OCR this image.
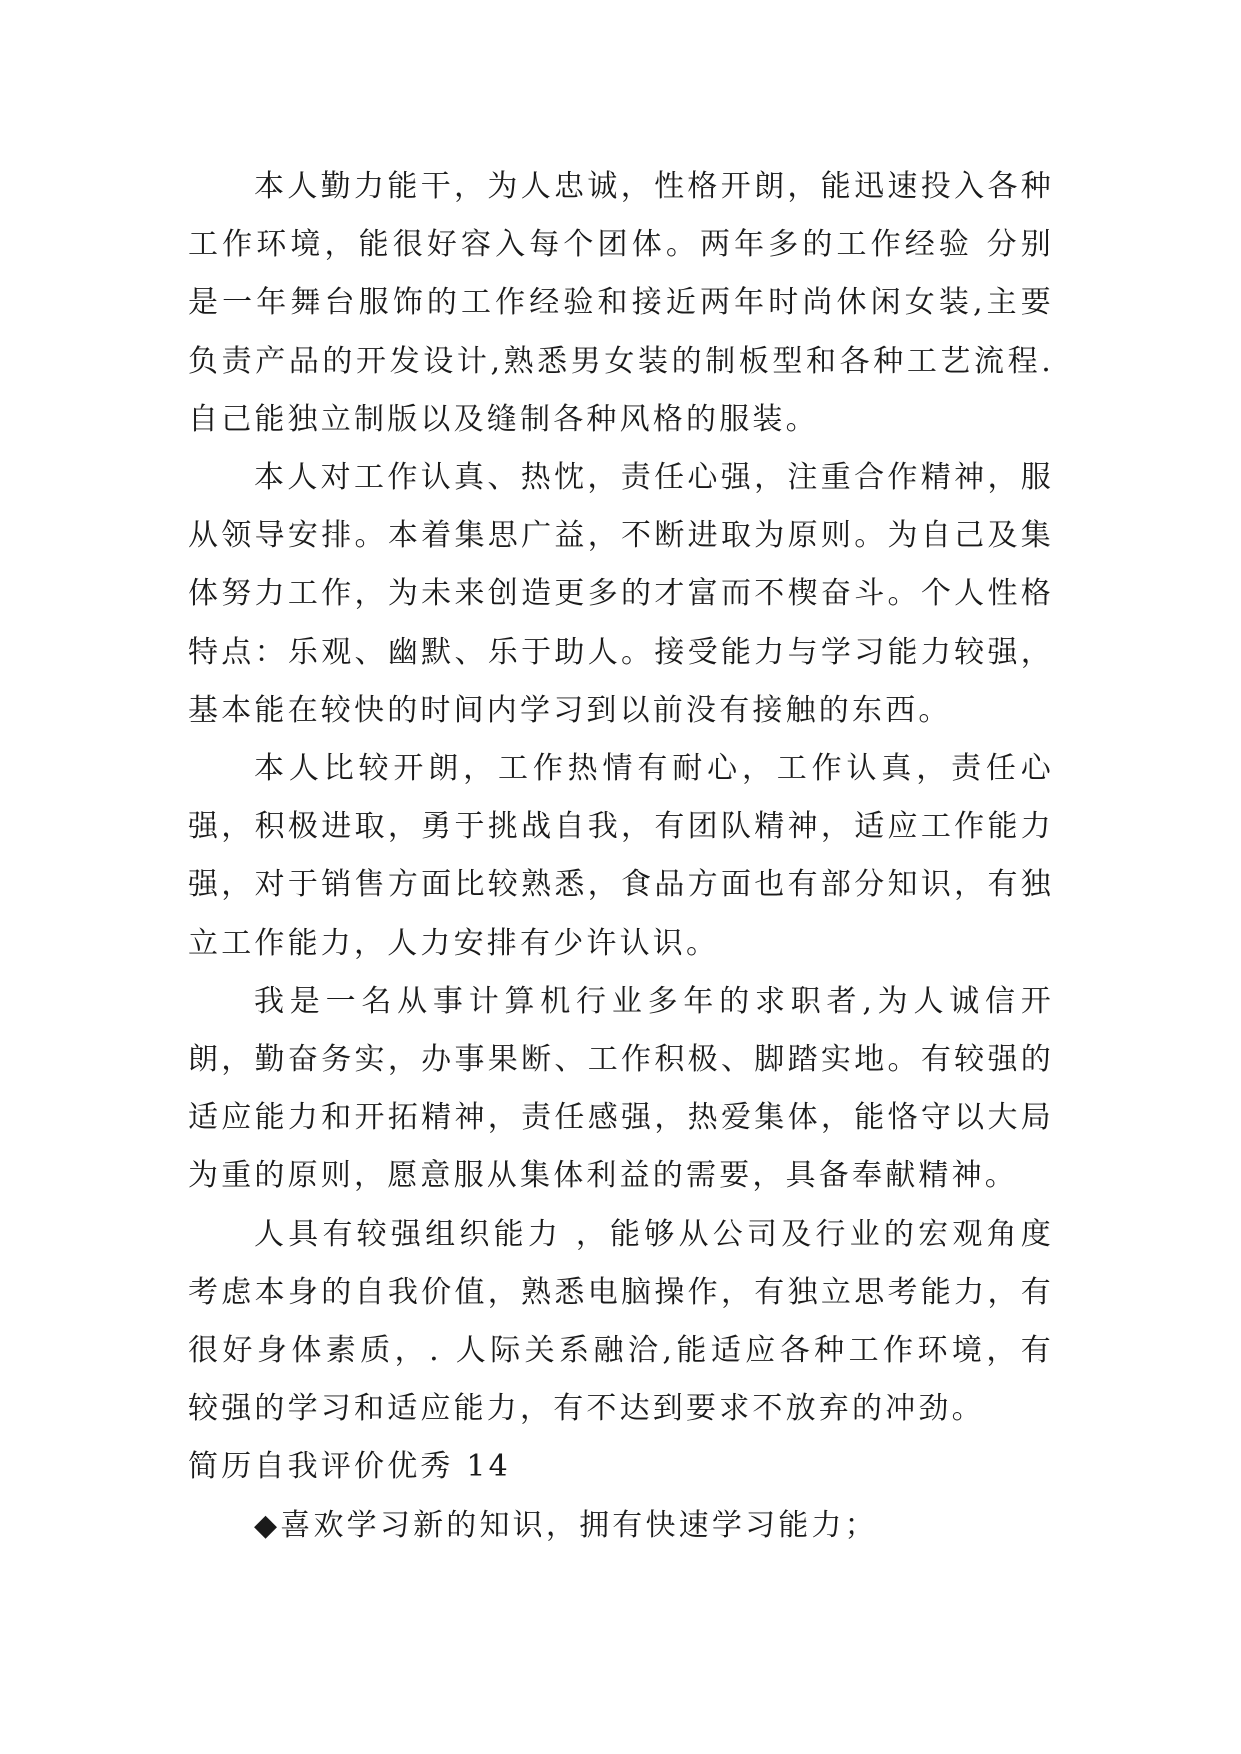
本人勤力能干，为人忠诚，性格开朗，能迅速投入各种工作环境，能很好容入每个团体。两年多的工作经验 分别是一年舞台服饰的工作经验和接近两年时尚休闲女装,主要负责产品的开发设计,熟悉男女装的制板型和各种工艺流程.自己能独立制版以及缝制各种风格的服装。

本人对工作认真、热忱，责任心强，注重合作精神，服从领导安排。本着集思广益，不断进取为原则。为自己及集体努力工作，为未来创造更多的才富而不楔奋斗。个人性格特点：乐观、幽默、乐于助人。接受能力与学习能力较强，基本能在较快的时间内学习到以前没有接触的东西。

本人比较开朗，工作热情有耐心，工作认真，责任心强，积极进取，勇于挑战自我，有团队精神，适应工作能力强，对于销售方面比较熟悉，食品方面也有部分知识，有独立工作能力，人力安排有少许认识。

我是一名从事计算机行业多年的求职者,为人诚信开朗，勤奋务实，办事果断、工作积极、脚踏实地。有较强的适应能力和开拓精神，责任感强，热爱集体，能恪守以大局为重的原则，愿意服从集体利益的需要，具备奉献精神。

人具有较强组织能力 ，能够从公司及行业的宏观角度考虑本身的自我价值，熟悉电脑操作，有独立思考能力，有很好身体素质，. 人际关系融洽,能适应各种工作环境，有较强的学习和适应能力，有不达到要求不放弃的冲劲。

简历自我评价优秀 14

◆喜欢学习新的知识，拥有快速学习能力；
